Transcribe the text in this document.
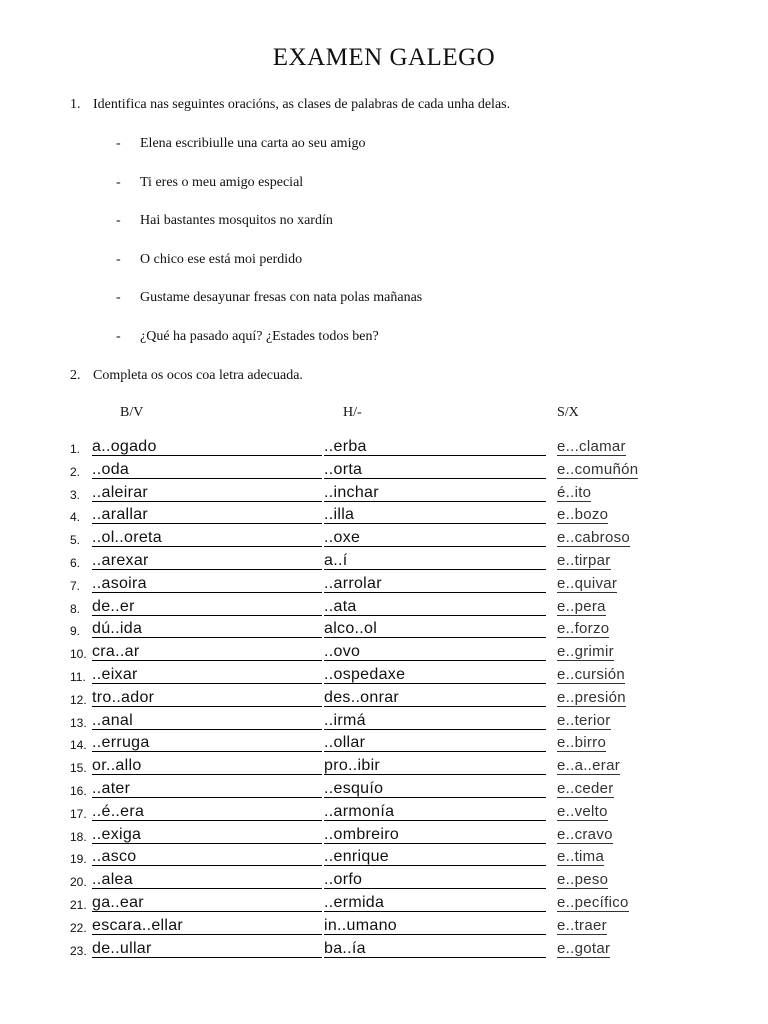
EXAMEN GALEGO
1. Identifica nas seguintes oracións, as clases de palabras de cada unha delas.
- Elena escribiulle una carta ao seu amigo
- Ti eres o meu amigo especial
- Hai bastantes mosquitos no xardín
- O chico ese está moi perdido
- Gustame desayunar fresas con nata polas mañanas
- ¿Qué ha pasado aquí? ¿Estades todos ben?
2. Completa os ocos coa letra adecuada.
B/V	H/-	S/X
1. a..ogado	..erba	e...clamar
2. ..oda	..orta	e..comuñón
3. ..aleirar	..inchar	é..ito
4. ..arallar	..illa	e..bozo
5. ..ol..oreta	..oxe	e..cabroso
6. ..arexar	a..í	e..tirpar
7. ..asoira	..arrolar	e..quivar
8. de..er	..ata	e..pera
9. dú..ida	alco..ol	e..forzo
10. cra..ar	..ovo	e..grimir
11. ..eixar	..ospedaxe	e..cursión
12. tro..ador	des..onrar	e..presión
13. ..anal	..irmá	e..terior
14. ..erruga	..ollar	e..birro
15. or..allo	pro..ibir	e..a..erar
16. ..ater	..esquío	e..ceder
17. ..é..era	..armonía	e..velto
18. ..exiga	..ombreiro	e..cravo
19. ..asco	..enrique	e..tima
20. ..alea	..orfo	e..peso
21. ga..ear	..ermida	e..pecífico
22. escara..ellar	in..umano	e..traer
23. de..ullar	ba..ía	e..gotar
